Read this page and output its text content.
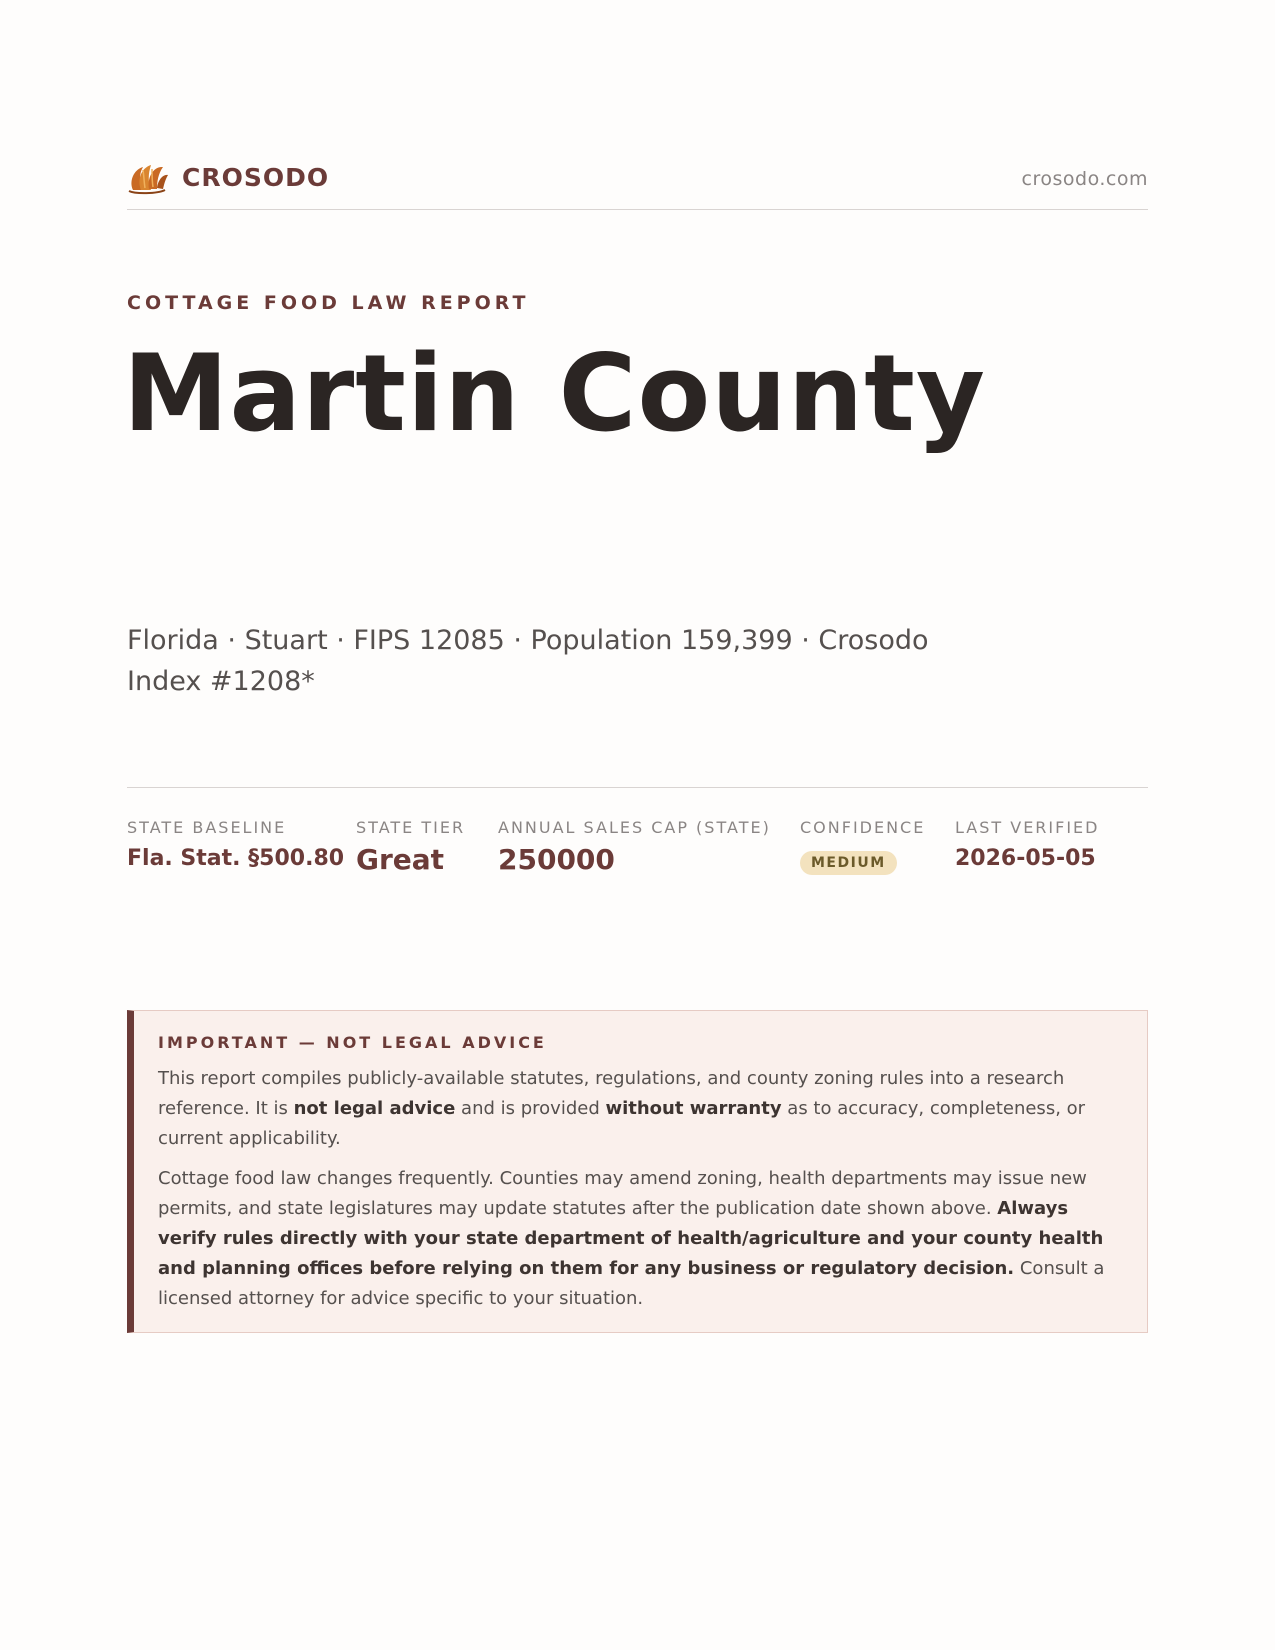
CROSODO	crosodo.com
COTTAGE FOOD LAW REPORT
Martin County
Florida · Stuart · FIPS 12085 · Population 159,399 · Crosodo Index #1208*
STATE BASELINE
Fla. Stat. §500.80
STATE TIER
Great
ANNUAL SALES CAP (STATE)
250000
CONFIDENCE
MEDIUM
LAST VERIFIED
2026-05-05
IMPORTANT — NOT LEGAL ADVICE

This report compiles publicly-available statutes, regulations, and county zoning rules into a research reference. It is not legal advice and is provided without warranty as to accuracy, completeness, or current applicability.

Cottage food law changes frequently. Counties may amend zoning, health departments may issue new permits, and state legislatures may update statutes after the publication date shown above. Always verify rules directly with your state department of health/agriculture and your county health and planning offices before relying on them for any business or regulatory decision. Consult a licensed attorney for advice specific to your situation.
